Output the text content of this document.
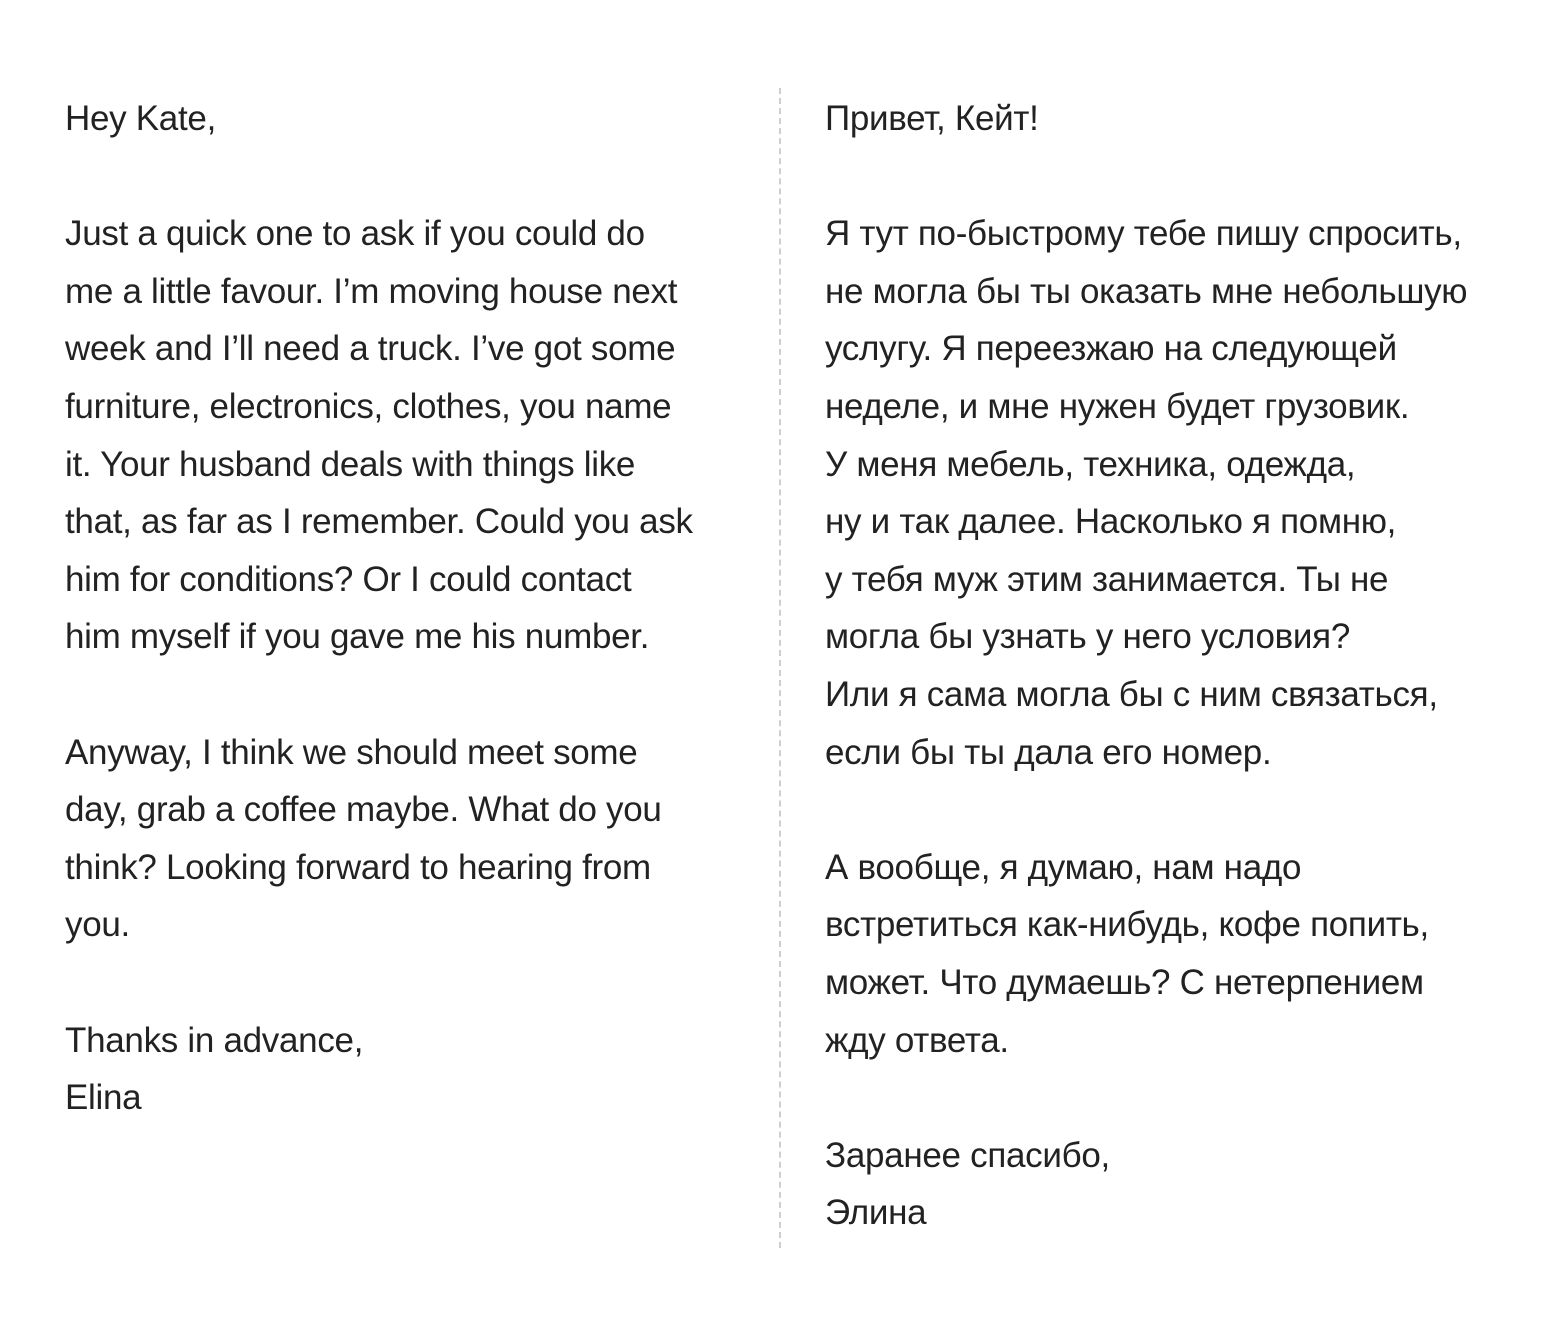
Hey Kate,
Just a quick one to ask if you could do
me a little favour. I’m moving house next
week and I’ll need a truck. I’ve got some
furniture, electronics, clothes, you name
it. Your husband deals with things like
that, as far as I remember. Could you ask
him for conditions? Or I could contact
him myself if you gave me his number.
Anyway, I think we should meet some
day, grab a coffee maybe. What do you
think? Looking forward to hearing from
you.
Thanks in advance,
Elina
Привет, Кейт!
Я тут по-быстрому тебе пишу спросить,
не могла бы ты оказать мне небольшую
услугу. Я переезжаю на следующей
неделе, и мне нужен будет грузовик.
У меня мебель, техника, одежда,
ну и так далее. Насколько я помню,
у тебя муж этим занимается. Ты не
могла бы узнать у него условия?
Или я сама могла бы с ним связаться,
если бы ты дала его номер.
А вообще, я думаю, нам надо
встретиться как-нибудь, кофе попить,
может. Что думаешь? С нетерпением
жду ответа.
Заранее спасибо,
Элина
